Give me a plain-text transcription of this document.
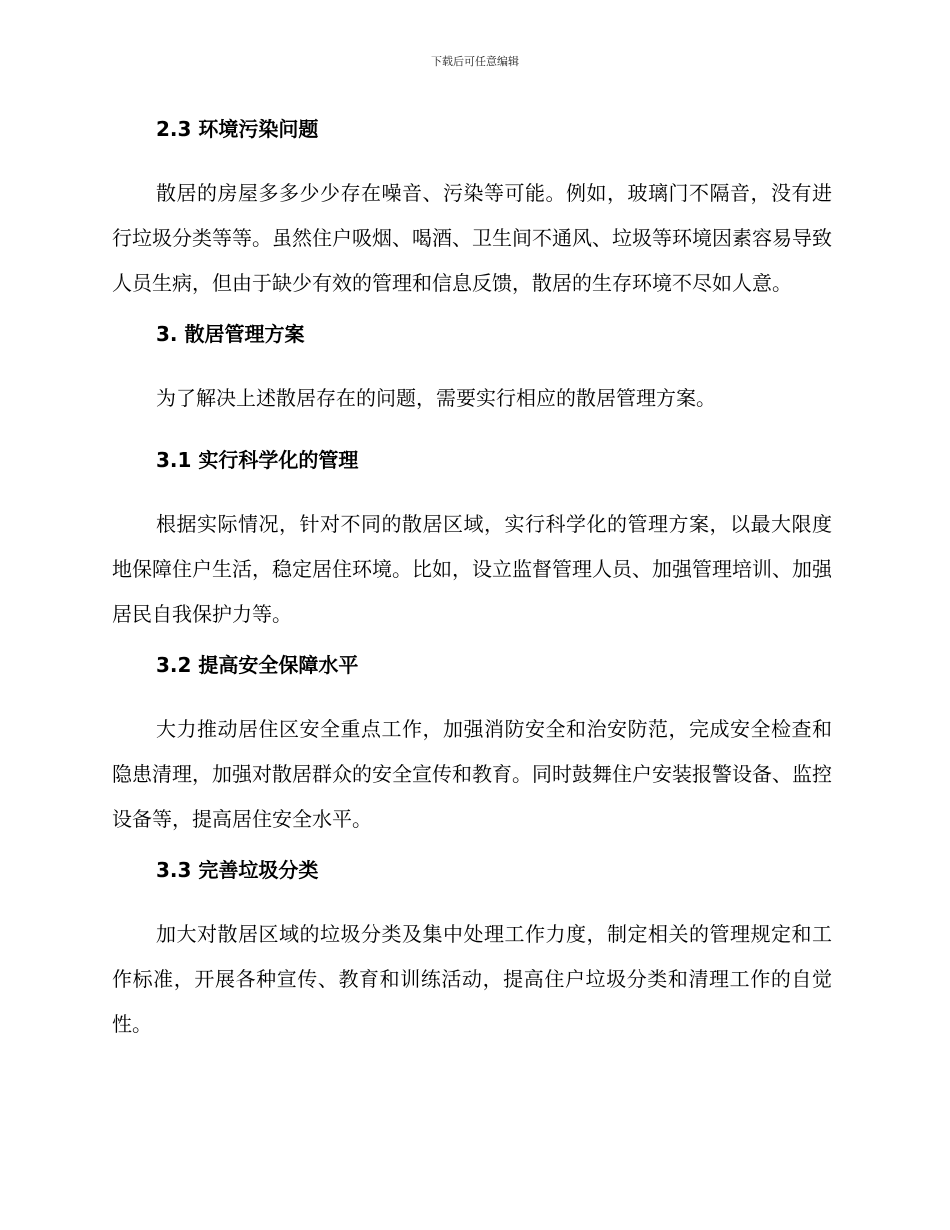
下载后可任意编辑
2.3 环境污染问题
散居的房屋多多少少存在噪音、污染等可能。例如，玻璃门不隔音，没有进行垃圾分类等等。虽然住户吸烟、喝酒、卫生间不通风、垃圾等环境因素容易导致人员生病，但由于缺少有效的管理和信息反馈，散居的生存环境不尽如人意。
3. 散居管理方案
为了解决上述散居存在的问题，需要实行相应的散居管理方案。
3.1 实行科学化的管理
根据实际情况，针对不同的散居区域，实行科学化的管理方案，以最大限度地保障住户生活，稳定居住环境。比如，设立监督管理人员、加强管理培训、加强居民自我保护力等。
3.2 提高安全保障水平
大力推动居住区安全重点工作，加强消防安全和治安防范，完成安全检查和隐患清理，加强对散居群众的安全宣传和教育。同时鼓舞住户安装报警设备、监控设备等，提高居住安全水平。
3.3 完善垃圾分类
加大对散居区域的垃圾分类及集中处理工作力度，制定相关的管理规定和工作标准，开展各种宣传、教育和训练活动，提高住户垃圾分类和清理工作的自觉性。
